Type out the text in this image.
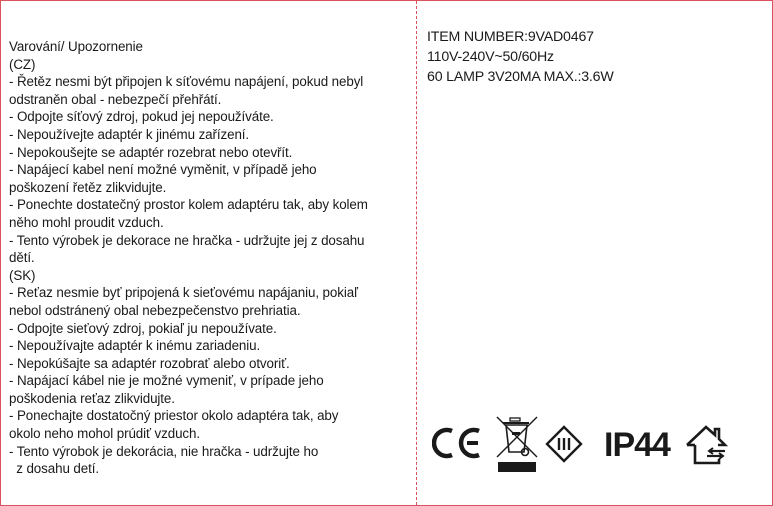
Varování/ Upozornenie
(CZ)
- Řetěz nesmi být připojen k síťovému napájení, pokud nebyl
odstraněn obal - nebezpečí přehřátí.
- Odpojte síťový zdroj, pokud jej nepoužíváte.
- Nepoužívejte adaptér k jinému zařízení.
- Nepokoušejte se adaptér rozebrat nebo otevřít.
- Napájecí kabel není možné vyměnit, v případě jeho
poškození řetěz zlikvidujte.
- Ponechte dostatečný prostor kolem adaptéru tak, aby kolem
něho mohl proudit vzduch.
- Tento výrobek je dekorace ne hračka - udržujte jej z dosahu
dětí.
(SK)
- Reťaz nesmie byť pripojená k sieťovému napájaniu, pokiaľ
nebol odstránený obal nebezpečenstvo prehriatia.
- Odpojte sieťový zdroj, pokiaľ ju nepoužívate.
- Nepoužívajte adaptér k inému zariadeniu.
- Nepokúšajte sa adaptér rozobrať alebo otvoriť.
- Napájací kábel nie je možné vymeniť, v prípade jeho
poškodenia reťaz zlikvidujte.
- Ponechajte dostatočný priestor okolo adaptéra tak, aby
okolo neho mohol prúdiť vzduch.
- Tento výrobok je dekorácia, nie hračka - udržujte ho
z dosahu detí.
ITEM NUMBER:9VAD0467
110V-240V~50/60Hz
60 LAMP 3V20MA MAX.:3.6W
IP44
